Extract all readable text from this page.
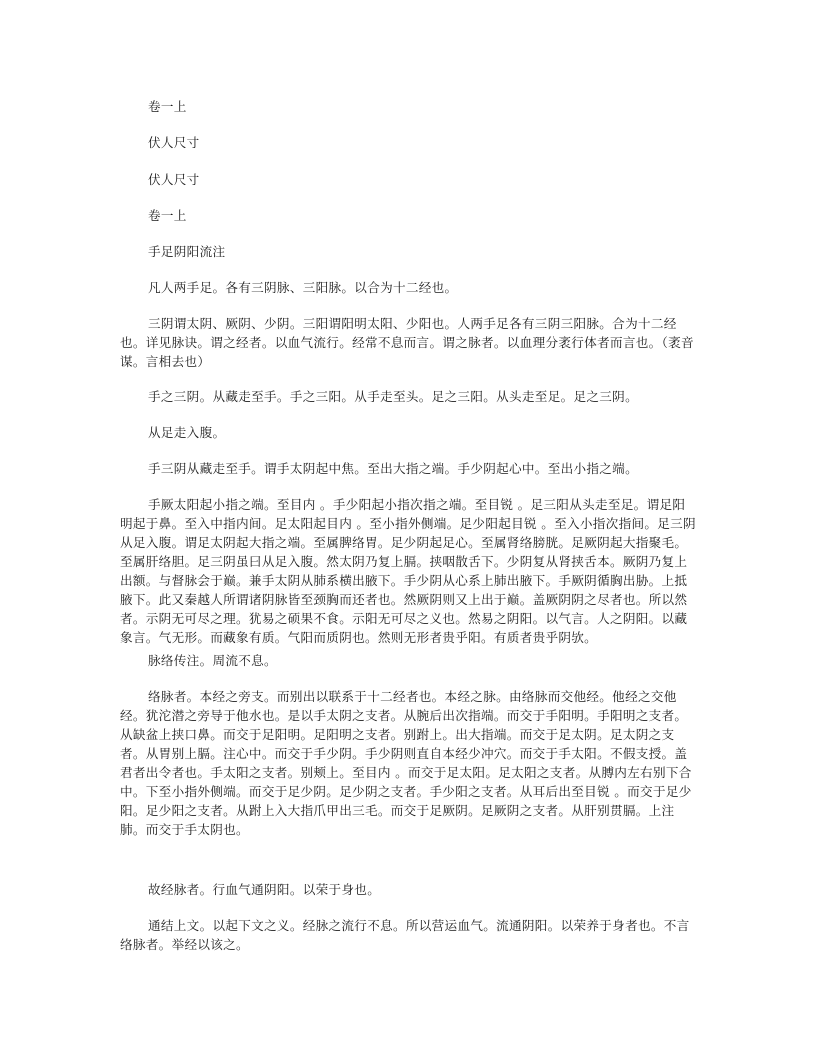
卷一上

伏人尺寸

伏人尺寸

卷一上

手足阴阳流注

凡人两手足。各有三阴脉、三阳脉。以合为十二经也。

三阴谓太阴、厥阴、少阴。三阳谓阳明太阳、少阳也。人两手足各有三阴三阳脉。合为十二经也。详见脉诀。谓之经者。以血气流行。经常不息而言。谓之脉者。以血理分袤行体者而言也。（袤音谋。言相去也）

手之三阴。从藏走至手。手之三阳。从手走至头。足之三阳。从头走至足。足之三阴。

从足走入腹。

手三阴从藏走至手。谓手太阴起中焦。至出大指之端。手少阴起心中。至出小指之端。

手厥太阳起小指之端。至目内 。手少阳起小指次指之端。至目锐 。足三阳从头走至足。谓足阳明起于鼻。至入中指内间。足太阳起目内 。至小指外侧端。足少阳起目锐 。至入小指次指间。足三阴从足入腹。谓足太阴起大指之端。至属脾络胃。足少阴起足心。至属肾络膀胱。足厥阴起大指聚毛。至属肝络胆。足三阴虽曰从足入腹。然太阴乃复上膈。挟咽散舌下。少阴复从肾挟舌本。厥阴乃复上出额。与督脉会于巅。兼手太阴从肺系横出腋下。手少阴从心系上肺出腋下。手厥阴循胸出胁。上抵腋下。此又秦越人所谓诸阴脉皆至颈胸而还者也。然厥阴则又上出于巅。盖厥阴阴之尽者也。所以然者。示阴无可尽之理。犹易之硕果不食。示阳无可尽之义也。然易之阴阳。以气言。人之阴阳。以藏象言。气无形。而藏象有质。气阳而质阴也。然则无形者贵乎阳。有质者贵乎阴欤。

脉络传注。周流不息。

络脉者。本经之旁支。而别出以联系于十二经者也。本经之脉。由络脉而交他经。他经之交他经。犹沱潜之旁导于他水也。是以手太阴之支者。从腕后出次指端。而交于手阳明。手阳明之支者。从缺盆上挟口鼻。而交于足阳明。足阳明之支者。别跗上。出大指端。而交于足太阴。足太阴之支者。从胃别上膈。注心中。而交于手少阴。手少阴则直自本经少冲穴。而交于手太阳。不假支授。盖君者出令者也。手太阳之支者。别颊上。至目内 。而交于足太阳。足太阳之支者。从膊内左右别下合 中。下至小指外侧端。而交于足少阴。足少阴之支者。手少阳之支者。从耳后出至目锐 。而交于足少阳。足少阳之支者。从跗上入大指爪甲出三毛。而交于足厥阴。足厥阴之支者。从肝别贯膈。上注肺。而交于手太阴也。

故经脉者。行血气通阴阳。以荣于身也。

通结上文。以起下文之义。经脉之流行不息。所以营运血气。流通阴阳。以荣养于身者也。不言络脉者。举经以该之。
